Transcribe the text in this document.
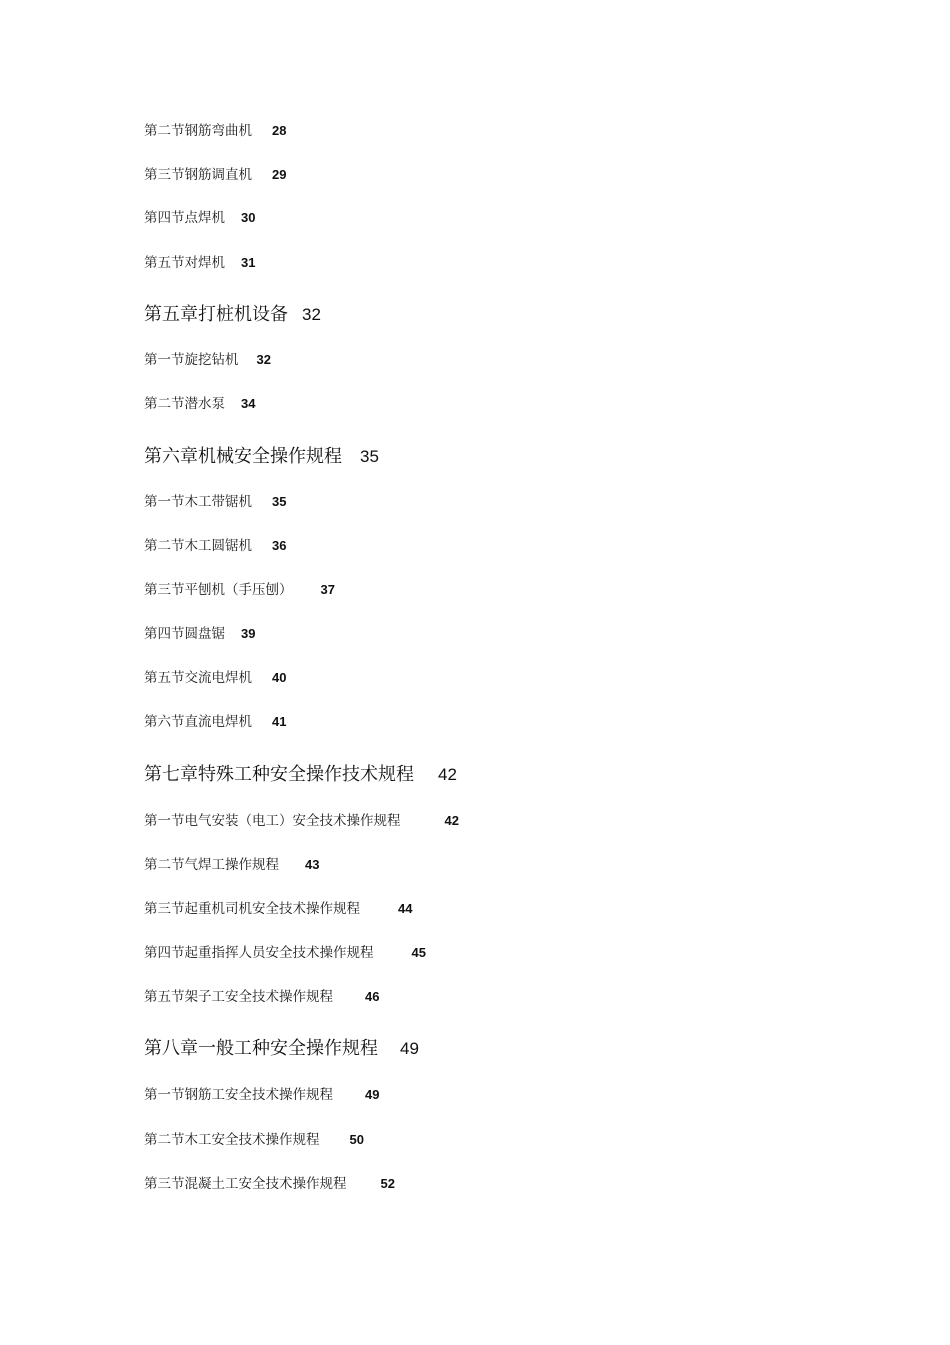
第二节钢筋弯曲机 28
第三节钢筋调直机 29
第四节点焊机 30
第五节对焊机 31
第五章打桩机设备 32
第一节旋挖钻机 32
第二节潜水泵 34
第六章机械安全操作规程 35
第一节木工带锯机 35
第二节木工圆锯机 36
第三节平刨机（手压刨） 37
第四节圆盘锯 39
第五节交流电焊机 40
第六节直流电焊机 41
第七章特殊工种安全操作技术规程 42
第一节电气安装（电工）安全技术操作规程	42
第二节气焊工操作规程 43
第三节起重机司机安全技术操作规程	44
第四节起重指挥人员安全技术操作规程	45
第五节架子工安全技术操作规程 46
第八章一般工种安全操作规程 49
第一节钢筋工安全技术操作规程 49
第二节木工安全技术操作规程 50
第三节混凝土工安全技术操作规程	52
